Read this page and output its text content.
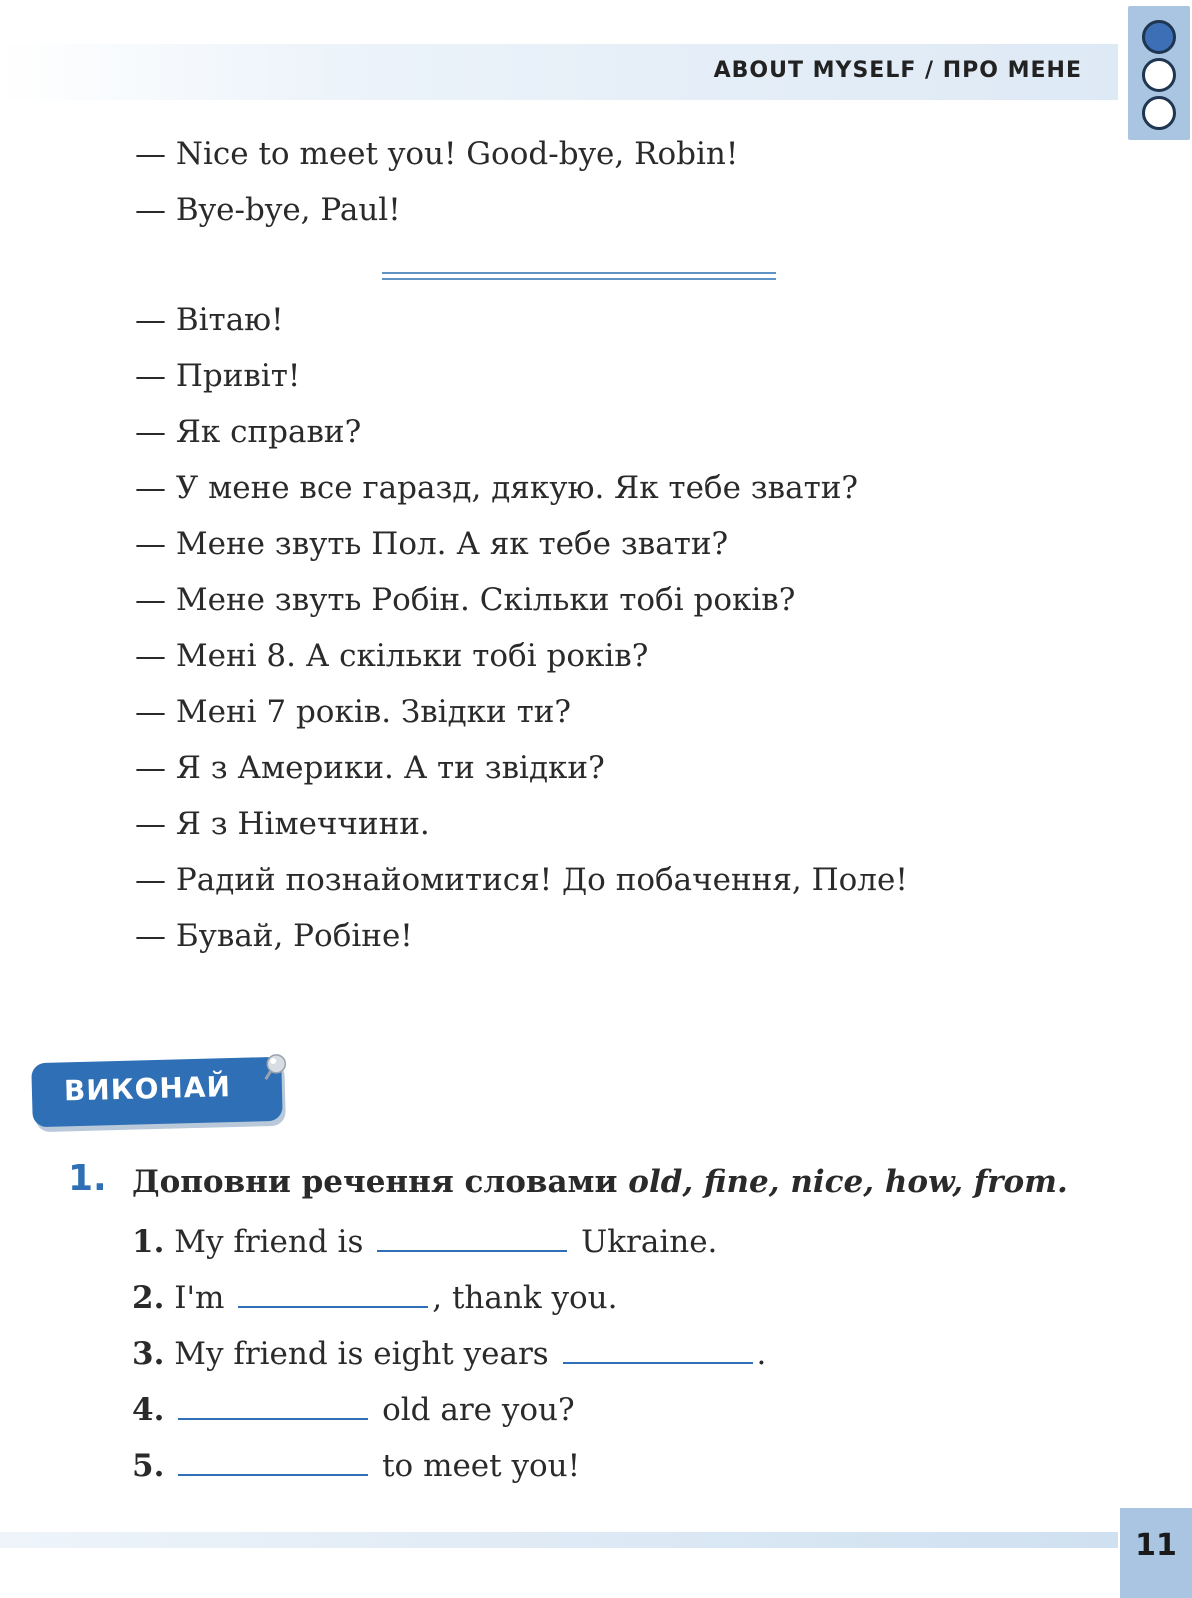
ABOUT MYSELF / ПРО МЕНЕ
— Nice to meet you! Good-bye, Robin!
— Bye-bye, Paul!
— Вітаю!
— Привіт!
— Як справи?
— У мене все гаразд, дякую. Як тебе звати?
— Мене звуть Пол. А як тебе звати?
— Мене звуть Робін. Скільки тобі років?
— Мені 8. А скільки тобі років?
— Мені 7 років. Звідки ти?
— Я з Америки. А ти звідки?
— Я з Німеччини.
— Радий познайомитися! До побачення, Поле!
— Бувай, Робіне!
ВИКОНАЙ
1. Доповни речення словами old, fine, nice, how, from.
1. My friend is	Ukraine.
2. I'm	, thank you.
3. My friend is eight years	.
4.	old are you?
5.	to meet you!
11
